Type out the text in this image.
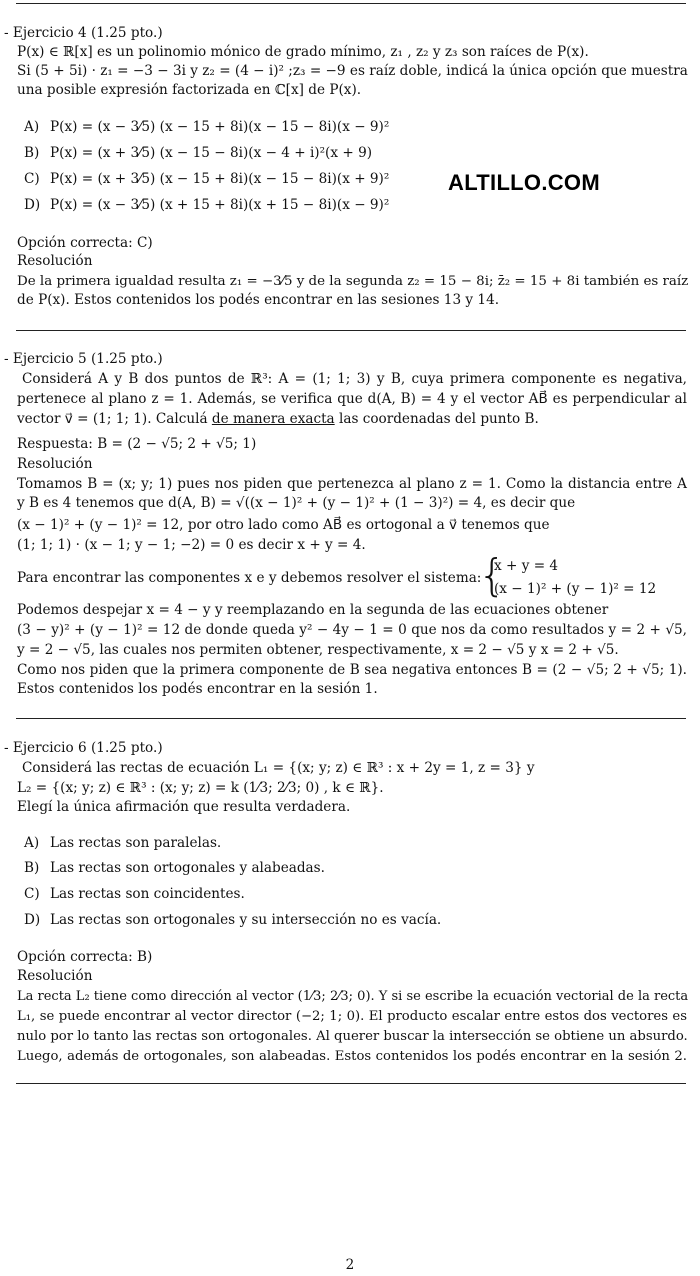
- Ejercicio 4 (1.25 pto.)
P(x) ∈ ℝ[x] es un polinomio mónico de grado mínimo, z₁ , z₂ y z₃ son raíces de P(x).
Si (5 + 5i) · z₁ = −3 − 3i y z₂ = (4 − i)² ;z₃ = −9 es raíz doble, indicá la única opción que muestra
una posible expresión factorizada en ℂ[x] de P(x).
A) P(x) = (x − 3⁄5) (x − 15 + 8i)(x − 15 − 8i)(x − 9)²
B) P(x) = (x + 3⁄5) (x − 15 − 8i)(x − 4 + i)²(x + 9)
C) P(x) = (x + 3⁄5) (x − 15 + 8i)(x − 15 − 8i)(x + 9)²
D) P(x) = (x − 3⁄5) (x + 15 + 8i)(x + 15 − 8i)(x − 9)²
ALTILLO.COM
Opción correcta: C)
Resolución
De la primera igualdad resulta z₁ = −3⁄5 y de la segunda z₂ = 15 − 8i; z̄₂ = 15 + 8i también es raíz
de P(x). Estos contenidos los podés encontrar en las sesiones 13 y 14.
- Ejercicio 5 (1.25 pto.)
Considerá A y B dos puntos de ℝ³: A = (1; 1; 3) y B, cuya primera componente es negativa,
pertenece al plano z = 1. Además, se verifica que d(A, B) = 4 y el vector AB⃗ es perpendicular al
vector v⃗ = (1; 1; 1). Calculá de manera exacta las coordenadas del punto B.
Respuesta: B = (2 − √5; 2 + √5; 1)
Resolución
Tomamos B = (x; y; 1) pues nos piden que pertenezca al plano z = 1. Como la distancia entre A
y B es 4 tenemos que d(A, B) = √((x − 1)² + (y − 1)² + (1 − 3)²) = 4, es decir que
(x − 1)² + (y − 1)² = 12, por otro lado como AB⃗ es ortogonal a v⃗ tenemos que
(1; 1; 1) · (x − 1; y − 1; −2) = 0 es decir x + y = 4.
Para encontrar las componentes x e y debemos resolver el sistema:
{
x + y = 4
(x − 1)² + (y − 1)² = 12
Podemos despejar x = 4 − y y reemplazando en la segunda de las ecuaciones obtener
(3 − y)² + (y − 1)² = 12 de donde queda y² − 4y − 1 = 0 que nos da como resultados y = 2 + √5,
y = 2 − √5, las cuales nos permiten obtener, respectivamente, x = 2 − √5 y x = 2 + √5.
Como nos piden que la primera componente de B sea negativa entonces B = (2 − √5; 2 + √5; 1).
Estos contenidos los podés encontrar en la sesión 1.
- Ejercicio 6 (1.25 pto.)
Considerá las rectas de ecuación L₁ = {(x; y; z) ∈ ℝ³ : x + 2y = 1, z = 3} y
L₂ = {(x; y; z) ∈ ℝ³ : (x; y; z) = k (1⁄3; 2⁄3; 0) , k ∈ ℝ}.
Elegí la única afirmación que resulta verdadera.
A) Las rectas son paralelas.
B) Las rectas son ortogonales y alabeadas.
C) Las rectas son coincidentes.
D) Las rectas son ortogonales y su intersección no es vacía.
Opción correcta: B)
Resolución
La recta L₂ tiene como dirección al vector (1⁄3; 2⁄3; 0). Y si se escribe la ecuación vectorial de la recta
L₁, se puede encontrar al vector director (−2; 1; 0). El producto escalar entre estos dos vectores es
nulo por lo tanto las rectas son ortogonales. Al querer buscar la intersección se obtiene un absurdo.
Luego, además de ortogonales, son alabeadas. Estos contenidos los podés encontrar en la sesión 2.
2
